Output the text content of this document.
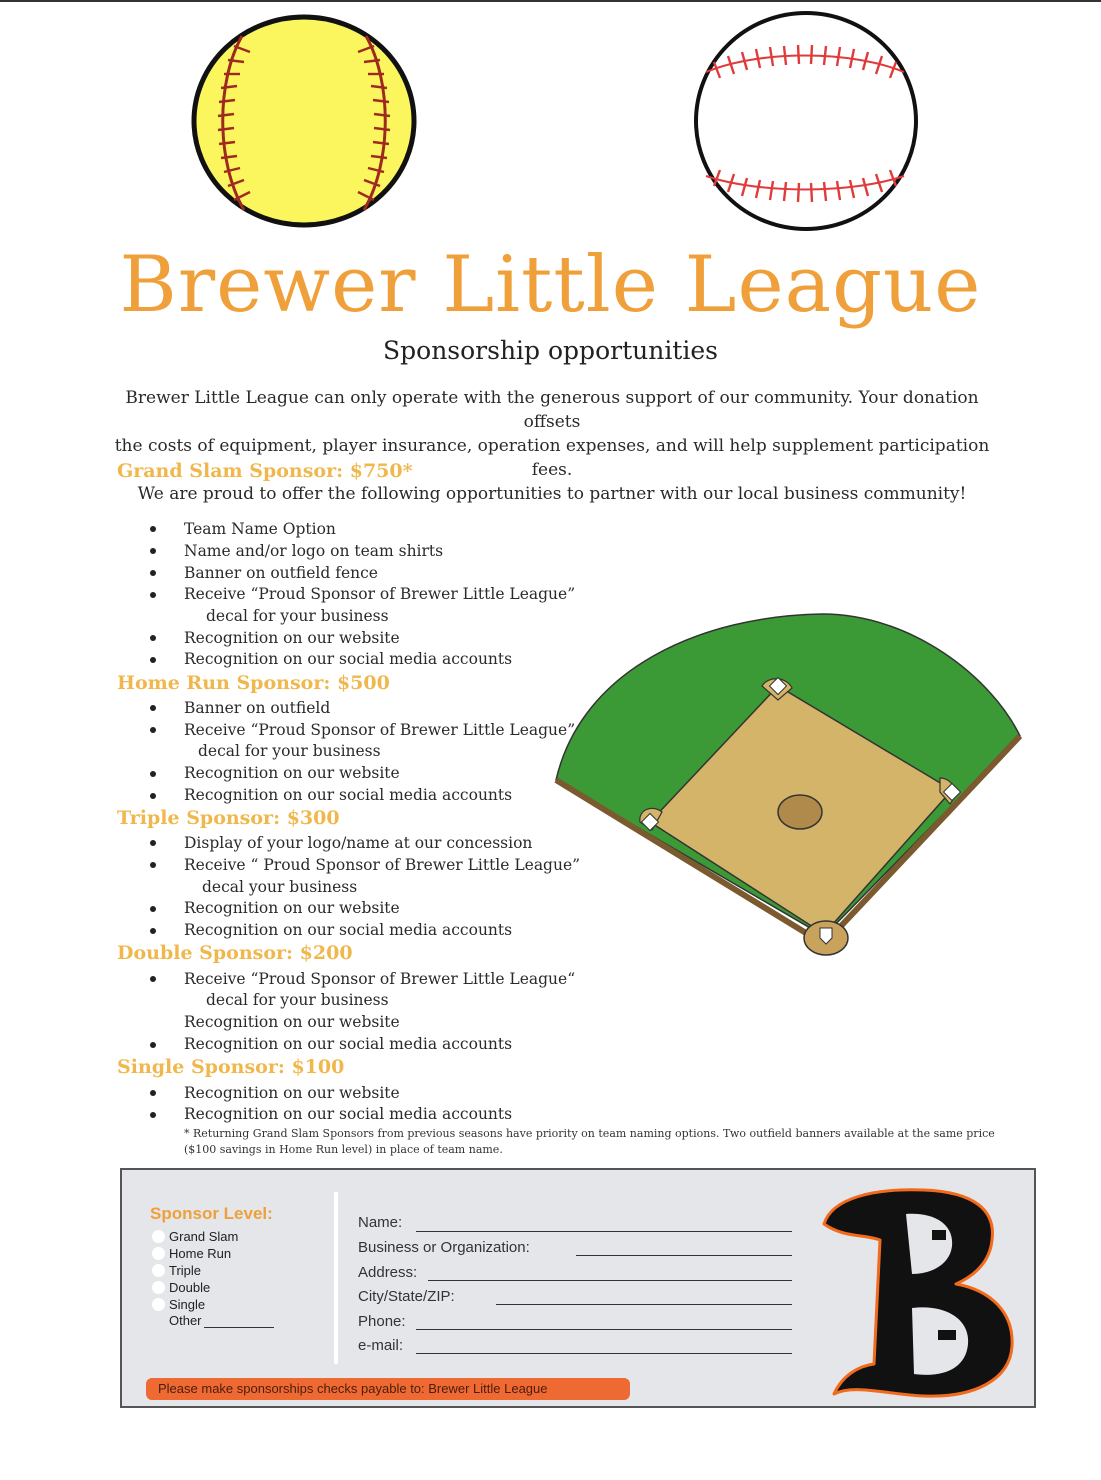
Brewer Little League
Sponsorship opportunities
Brewer Little League can only operate with the generous support of our community. Your donation offsets
the costs of equipment, player insurance, operation expenses, and will help supplement participation fees.
We are proud to offer the following opportunities to partner with our local business community!
Grand Slam Sponsor: $750*
Team Name Option
Name and/or logo on team shirts
Banner on outfield fence
Receive “Proud Sponsor of Brewer Little League”
decal for your business
Recognition on our website
Recognition on our social media accounts
Home Run Sponsor: $500
Banner on outfield
Receive “Proud Sponsor of Brewer Little League”
decal for your business
Recognition on our website
Recognition on our social media accounts
Triple Sponsor: $300
Display of your logo/name at our concession
Receive “ Proud Sponsor of Brewer Little League”
decal your business
Recognition on our website
Recognition on our social media accounts
Double Sponsor: $200
Receive “Proud Sponsor of Brewer Little League“
decal for your business
Recognition on our website
Recognition on our social media accounts
Single Sponsor: $100
Recognition on our website
Recognition on our social media accounts
* Returning Grand Slam Sponsors from previous seasons have priority on team naming options. Two outfield banners available at the same price ($100 savings in Home Run level) in place of team name.
Sponsor Level:
Grand Slam
Home Run
Triple
Double
Single
Other
Name:
Business or Organization:
Address:
City/State/ZIP:
Phone:
e-mail:
Please make sponsorships checks payable to: Brewer Little League
